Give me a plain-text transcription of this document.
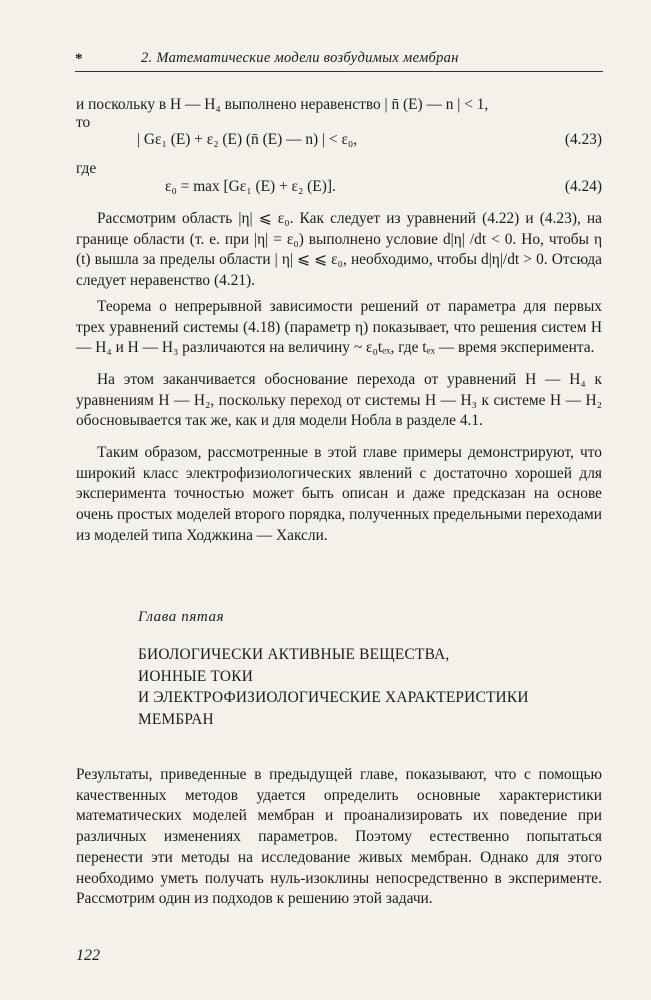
*	2. Математические модели возбудимых мембран
и поскольку в H — H₄ выполнено неравенство | n̄ (E) — n | < 1,
то
| Gε₁ (E) + ε₂ (E) (n̄ (E) — n) | < ε₀,	(4.23)
где
ε₀ = max [Gε₁ (E) + ε₂ (E)].	(4.24)
Рассмотрим область |η| ⩽ ε₀. Как следует из уравнений (4.22) и (4.23), на границе области (т. е. при |η| = ε₀) выполнено условие d|η| /dt < 0. Но, чтобы η (t) вышла за пределы области | η| ⩽ ⩽ ε₀, необходимо, чтобы d|η|/dt > 0. Отсюда следует неравенство (4.21).
Теорема о непрерывной зависимости решений от параметра для первых трех уравнений системы (4.18) (параметр η) показывает, что решения систем H — H₄ и H — H₃ различаются на величину ~ ε₀tₑₓ, где tₑₓ — время эксперимента.
На этом заканчивается обоснование перехода от уравнений H — H₄ к уравнениям H — H₂, поскольку переход от системы H — H₃ к системе H — H₂ обосновывается так же, как и для модели Нобла в разделе 4.1.
Таким образом, рассмотренные в этой главе примеры демонстрируют, что широкий класс электрофизиологических явлений с достаточно хорошей для эксперимента точностью может быть описан и даже предсказан на основе очень простых моделей второго порядка, полученных предельными переходами из моделей типа Ходжкина — Хаксли.
Глава пятая
БИОЛОГИЧЕСКИ АКТИВНЫЕ ВЕЩЕСТВА,
ИОННЫЕ ТОКИ
И ЭЛЕКТРОФИЗИОЛОГИЧЕСКИЕ ХАРАКТЕРИСТИКИ
МЕМБРАН
Результаты, приведенные в предыдущей главе, показывают, что с помощью качественных методов удается определить основные характеристики математических моделей мембран и проанализировать их поведение при различных изменениях параметров. Поэтому естественно попытаться перенести эти методы на исследование живых мембран. Однако для этого необходимо уметь получать нуль-изоклины непосредственно в эксперименте. Рассмотрим один из подходов к решению этой задачи.
122
